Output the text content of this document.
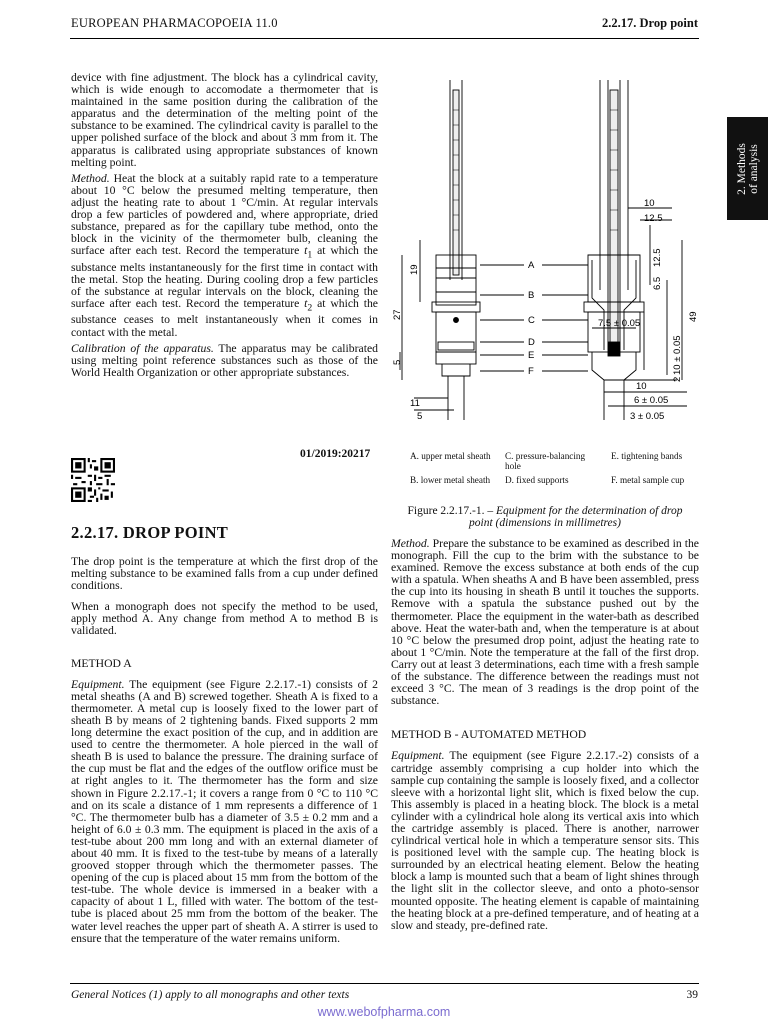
EUROPEAN PHARMACOPOEIA 11.0	2.2.17. Drop point
2. Methods of analysis

device with fine adjustment. The block has a cylindrical cavity, which is wide enough to accomodate a thermometer that is maintained in the same position during the calibration of the apparatus and the determination of the melting point of the substance to be examined. The cylindrical cavity is parallel to the upper polished surface of the block and about 3 mm from it. The apparatus is calibrated using appropriate substances of known melting point.

Method. Heat the block at a suitably rapid rate to a temperature about 10 °C below the presumed melting temperature, then adjust the heating rate to about 1 °C/min. At regular intervals drop a few particles of powdered and, where appropriate, dried substance, prepared as for the capillary tube method, onto the block in the vicinity of the thermometer bulb, cleaning the surface after each test. Record the temperature $t_1$ at which the substance melts instantaneously for the first time in contact with the metal. Stop the heating. During cooling drop a few particles of the substance at regular intervals on the block, cleaning the surface after each test. Record the temperature $t_2$ at which the substance ceases to melt instantaneously when it comes in contact with the metal.

Calibration of the apparatus. The apparatus may be calibrated using melting point reference substances such as those of the World Health Organization or other appropriate substances.

01/2019:20217
2.2.17. DROP POINT

The drop point is the temperature at which the first drop of the melting substance to be examined falls from a cup under defined conditions.

When a monograph does not specify the method to be used, apply method A. Any change from method A to method B is validated.

METHOD A

Equipment. The equipment (see Figure 2.2.17.-1) consists of 2 metal sheaths (A and B) screwed together. Sheath A is fixed to a thermometer. A metal cup is loosely fixed to the lower part of sheath B by means of 2 tightening bands. Fixed supports 2 mm long determine the exact position of the cup, and in addition are used to centre the thermometer. A hole pierced in the wall of sheath B is used to balance the pressure. The draining surface of the cup must be flat and the edges of the outflow orifice must be at right angles to it. The thermometer has the form and size shown in Figure 2.2.17.-1; it covers a range from 0 °C to 110 °C and on its scale a distance of 1 mm represents a difference of 1 °C. The thermometer bulb has a diameter of 3.5 ± 0.2 mm and a height of 6.0 ± 0.3 mm. The equipment is placed in the axis of a test-tube about 200 mm long and with an external diameter of about 40 mm. It is fixed to the test-tube by means of a laterally grooved stopper through which the thermometer passes. The opening of the cup is placed about 15 mm from the bottom of the test-tube. The whole device is immersed in a beaker with a capacity of about 1 L, filled with water. The bottom of the test-tube is placed about 25 mm from the bottom of the beaker. The water level reaches the upper part of sheath A. A stirrer is used to ensure that the temperature of the water remains uniform.

A
B
C
D
E
F
10
12.5
12.5
6.5
49
7.5 ± 0.05
10 ± 0.05
2
10
6 ± 0.05
3 ± 0.05
19
27
5
11
5
A. upper metal sheath
B. lower metal sheath
C. pressure-balancing hole
D. fixed supports
E. tightening bands
F. metal sample cup
Figure 2.2.17.-1. – Equipment for the determination of drop point (dimensions in millimetres)

Method. Prepare the substance to be examined as described in the monograph. Fill the cup to the brim with the substance to be examined. Remove the excess substance at both ends of the cup with a spatula. When sheaths A and B have been assembled, press the cup into its housing in sheath B until it touches the supports. Remove with a spatula the substance pushed out by the thermometer. Place the equipment in the water-bath as described above. Heat the water-bath and, when the temperature is at about 10 °C below the presumed drop point, adjust the heating rate to about 1 °C/min. Note the temperature at the fall of the first drop. Carry out at least 3 determinations, each time with a fresh sample of the substance. The difference between the readings must not exceed 3 °C. The mean of 3 readings is the drop point of the substance.

METHOD B - AUTOMATED METHOD

Equipment. The equipment (see Figure 2.2.17.-2) consists of a cartridge assembly comprising a cup holder into which the sample cup containing the sample is loosely fixed, and a collector sleeve with a horizontal light slit, which is fixed below the cup. This assembly is placed in a heating block. The block is a metal cylinder with a cylindrical hole along its vertical axis into which the cartridge assembly is placed. There is another, narrower cylindrical vertical hole in which a temperature sensor sits. This is positioned level with the sample cup. The heating block is surrounded by an electrical heating element. Below the heating block a lamp is mounted such that a beam of light shines through the light slit in the collector sleeve, and onto a photo-sensor mounted opposite. The heating element is capable of maintaining the heating block at a pre-defined temperature, and of heating at a slow and steady, pre-defined rate.

General Notices (1) apply to all monographs and other texts	39
www.webofpharma.com
